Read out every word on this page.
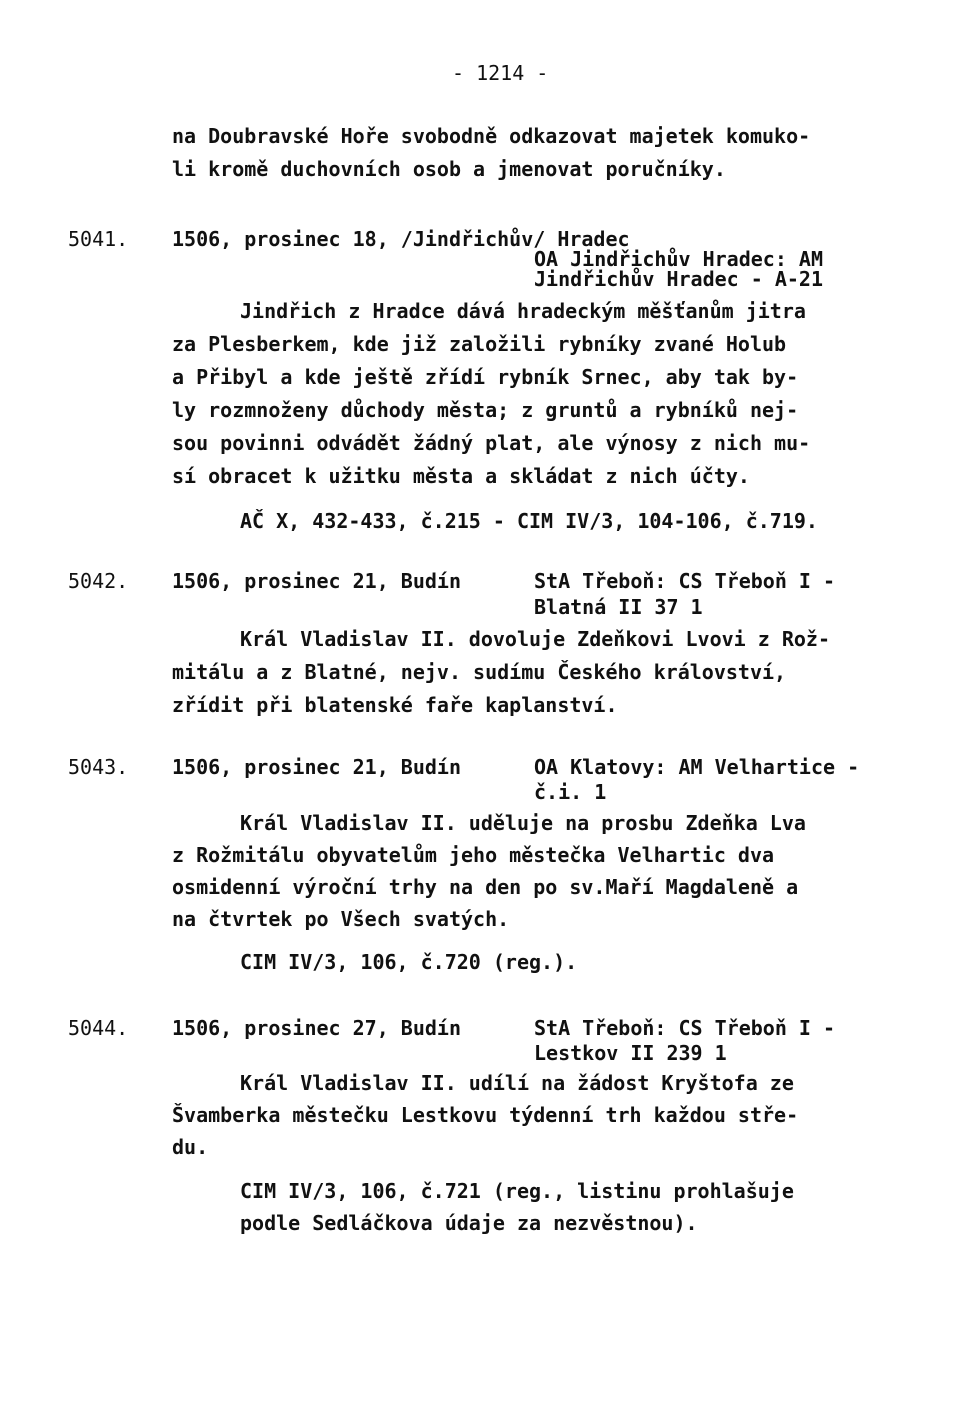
- 1214 -
na Doubravské Hoře svobodně odkazovat majetek komuko-
li kromě duchovních osob a jmenovat poručníky.
5041. 1506, prosinec 18, /Jindřichův/ Hradec
OA Jindřichův Hradec: AM
Jindřichův Hradec - A-21
Jindřich z Hradce dává hradeckým měšťanům jitra
za Plesberkem, kde již založili rybníky zvané Holub
a Přibyl a kde ještě zřídí rybník Srnec, aby tak by-
ly rozmnoženy důchody města; z gruntů a rybníků nej-
sou povinni odvádět žádný plat, ale výnosy z nich mu-
sí obracet k užitku města a skládat z nich účty.
AČ X, 432-433, č.215 - CIM IV/3, 104-106, č.719.
5042. 1506, prosinec 21, Budín	StA Třeboň: CS Třeboň I -
Blatná II 37 1
Král Vladislav II. dovoluje Zdeňkovi Lvovi z Rož-
mitálu a z Blatné, nejv. sudímu Českého království,
zřídit při blatenské faře kaplanství.
5043. 1506, prosinec 21, Budín	OA Klatovy: AM Velhartice -
č.i. 1
Král Vladislav II. uděluje na prosbu Zdeňka Lva
z Rožmitálu obyvatelům jeho městečka Velhartic dva
osmidenní výroční trhy na den po sv.Maří Magdaleně a
na čtvrtek po Všech svatých.
CIM IV/3, 106, č.720 (reg.).
5044. 1506, prosinec 27, Budín	StA Třeboň: CS Třeboň I -
Lestkov II 239 1
Král Vladislav II. udílí na žádost Kryštofa ze
Švamberka městečku Lestkovu týdenní trh každou stře-
du.
CIM IV/3, 106, č.721 (reg., listinu prohlašuje
podle Sedláčkova údaje za nezvěstnou).
